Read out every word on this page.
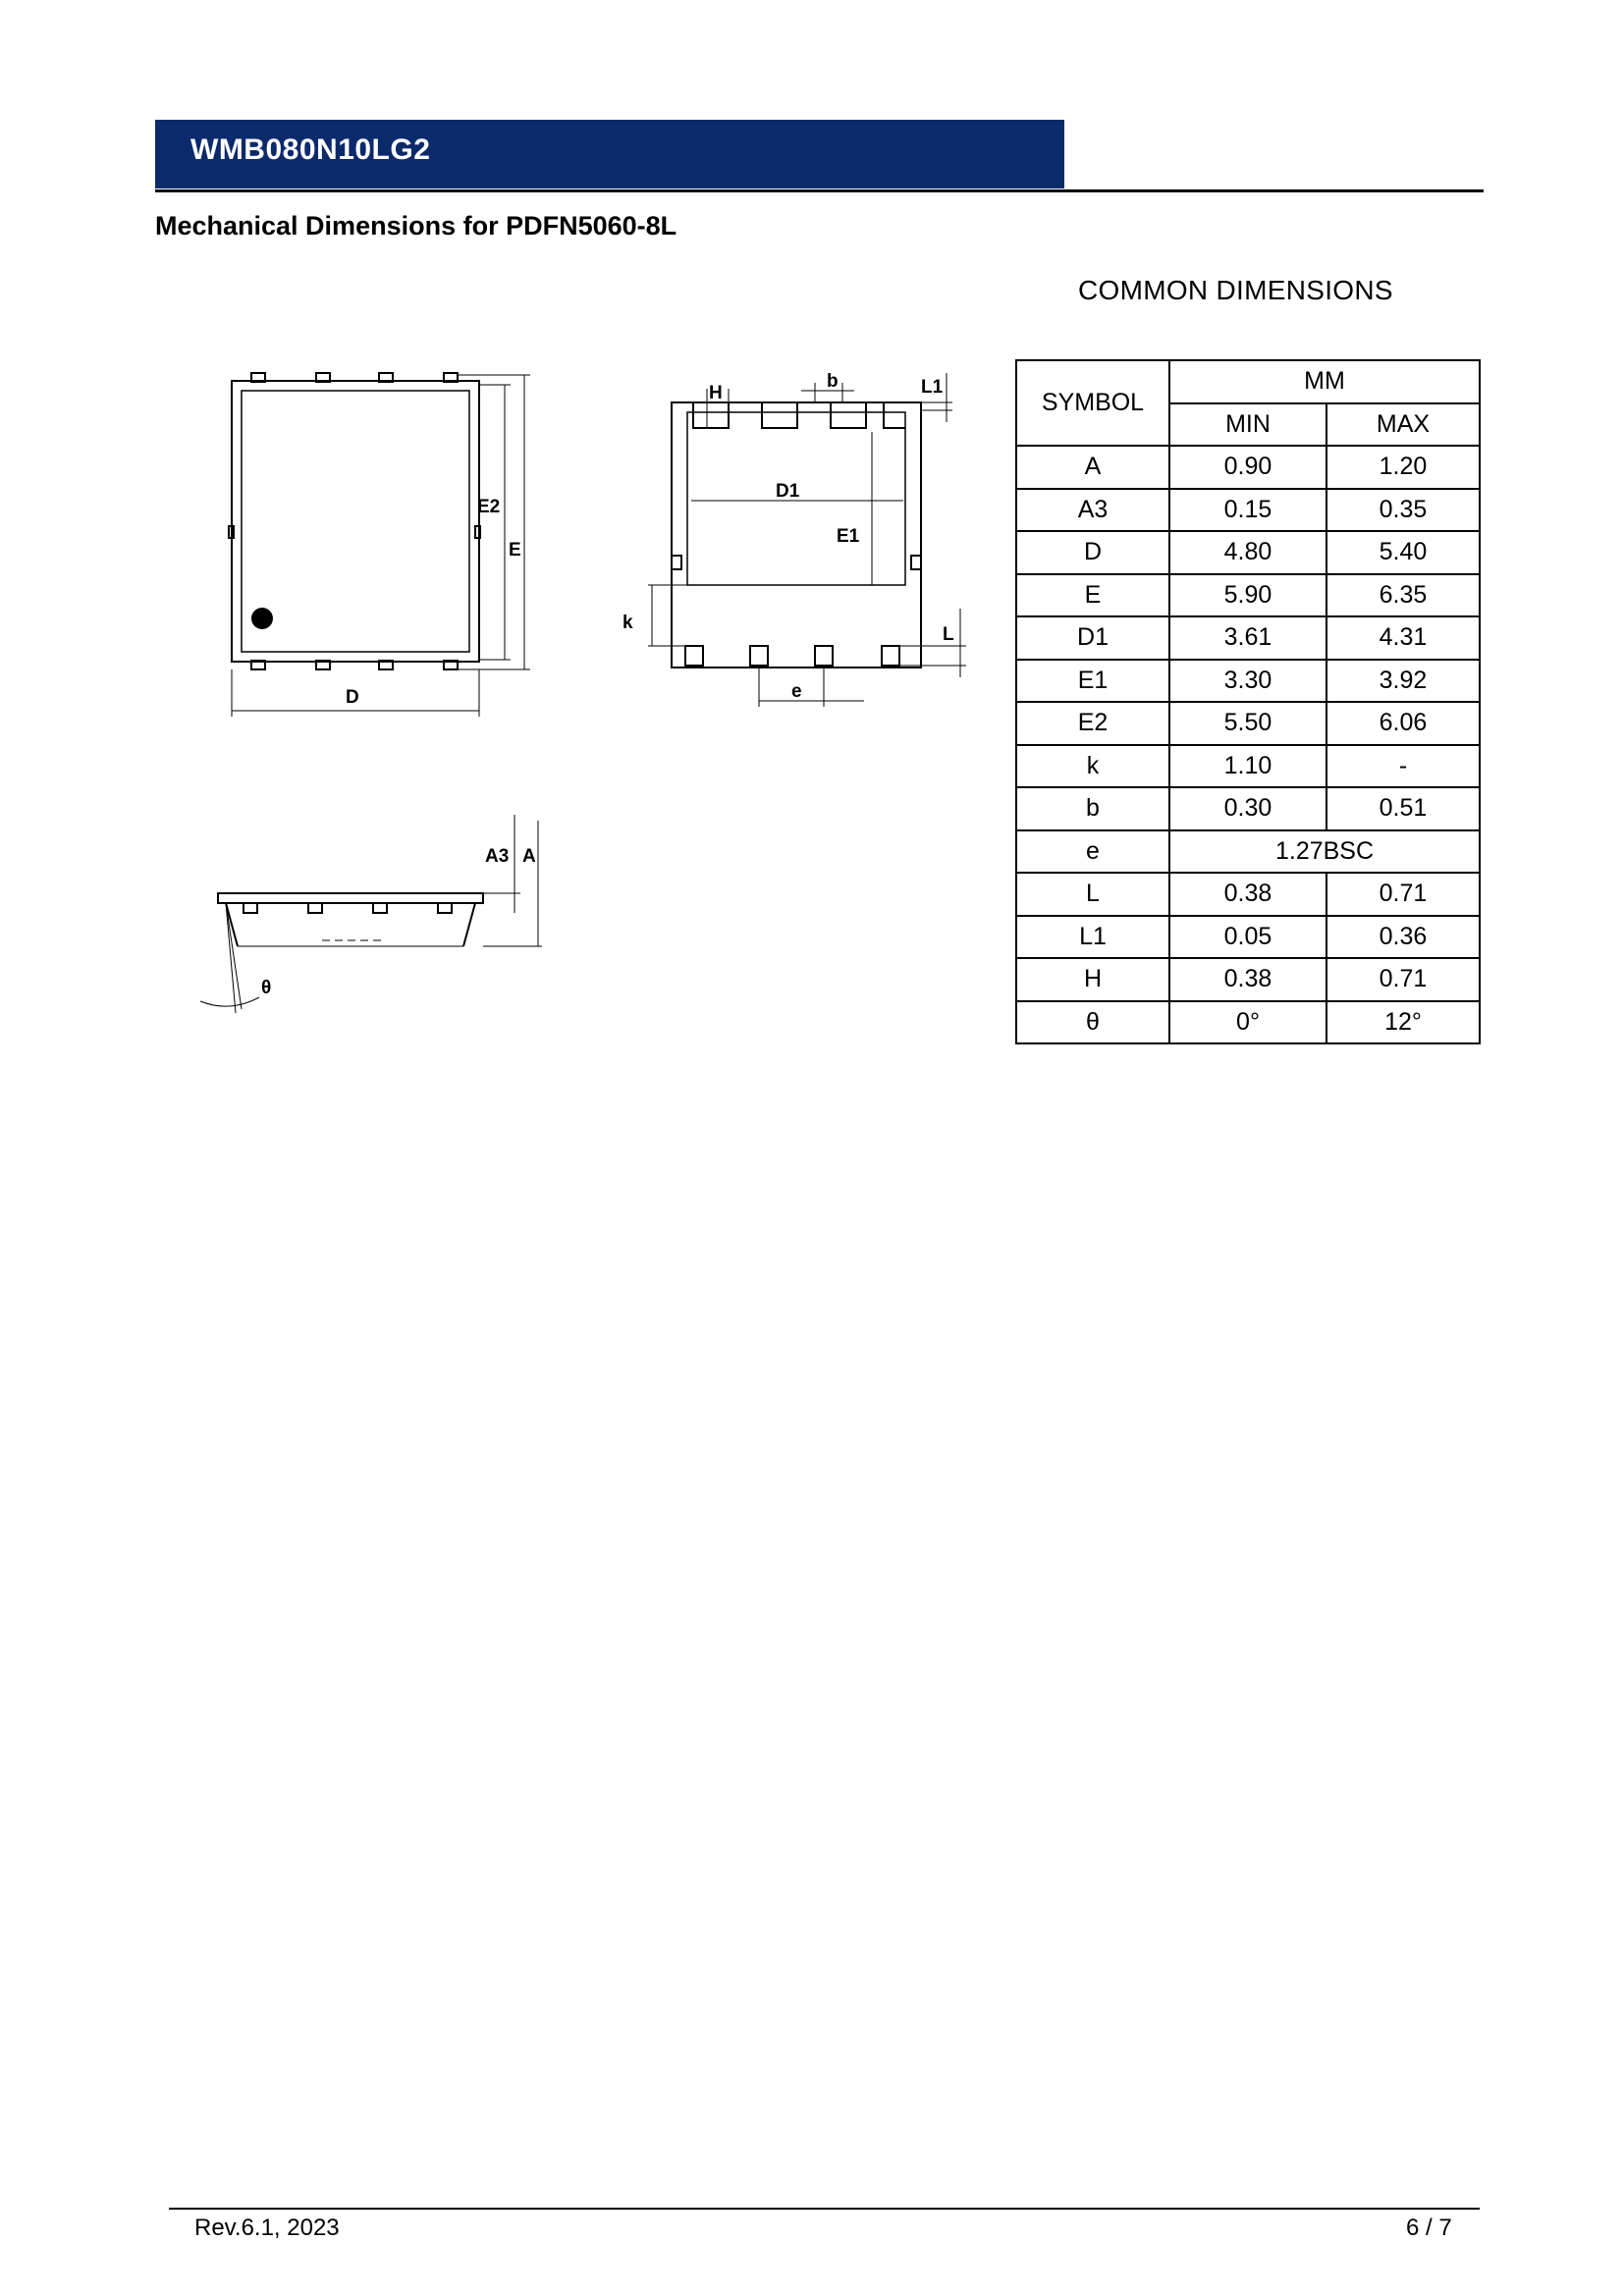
WMB080N10LG2
Mechanical Dimensions for PDFN5060-8L
COMMON DIMENSIONS
SYMBOL	MM	
	MIN	MAX
A	0.90	1.20
A3	0.15	0.35
D	4.80	5.40
E	5.90	6.35
D1	3.61	4.31
E1	3.30	3.92
E2	5.50	6.06
k	1.10	-
b	0.30	0.51
e	1.27BSC	
L	0.38	0.71
L1	0.05	0.36
H	0.38	0.71
θ	0°	12°
D
E2
E
H
b	L1
D1
E1
k
L
e
A3 A
θ
Rev.6.1, 2023	6 / 7
